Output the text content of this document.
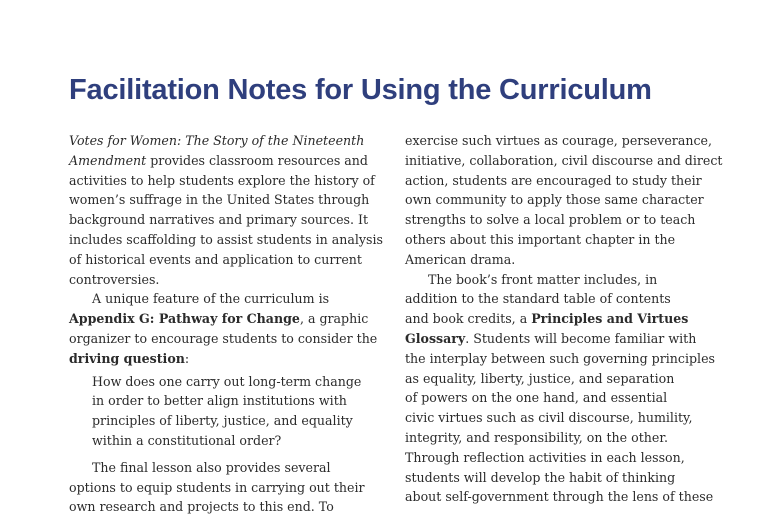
Facilitation Notes for Using the Curriculum

Votes for Women: The Story of the Nineteenth
Amendment provides classroom resources and
activities to help students explore the history of
women’s suffrage in the United States through
background narratives and primary sources. It
includes scaffolding to assist students in analysis
of historical events and application to current
controversies.

A unique feature of the curriculum is
Appendix G: Pathway for Change, a graphic
organizer to encourage students to consider the
driving question:

How does one carry out long-term change
in order to better align institutions with
principles of liberty, justice, and equality
within a constitutional order?

The final lesson also provides several
options to equip students in carrying out their
own research and projects to this end. To

exercise such virtues as courage, perseverance,
initiative, collaboration, civil discourse and direct
action, students are encouraged to study their
own community to apply those same character
strengths to solve a local problem or to teach
others about this important chapter in the
American drama.

The book’s front matter includes, in
addition to the standard table of contents
and book credits, a Principles and Virtues
Glossary. Students will become familiar with
the interplay between such governing principles
as equality, liberty, justice, and separation
of powers on the one hand, and essential
civic virtues such as civil discourse, humility,
integrity, and responsibility, on the other.
Through reflection activities in each lesson,
students will develop the habit of thinking
about self-government through the lens of these
